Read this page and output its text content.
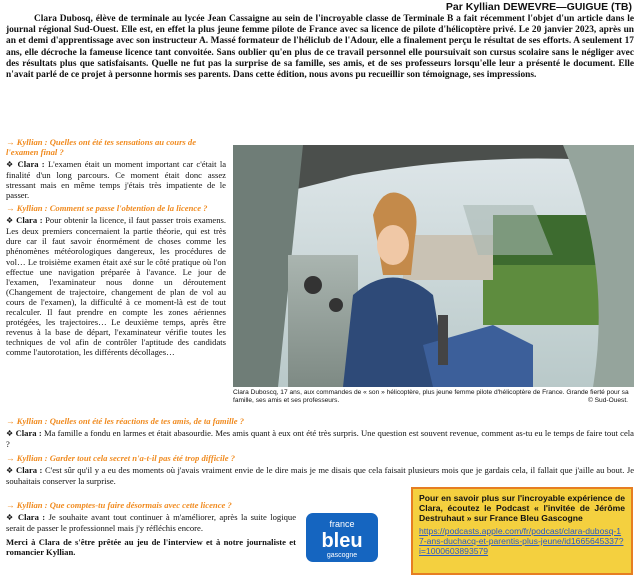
Par Kyllian DEWEVRE—GUIGUE (TB)

Clara Dubosq, élève de terminale au lycée Jean Cassaigne au sein de l'incroyable classe de Terminale B a fait récemment l'objet d'un article dans le journal régional Sud-Ouest. Elle est, en effet la plus jeune femme pilote de France avec sa licence de pilote d'hélicoptère privé. Le 20 janvier 2023, après un an et demi d'apprentissage avec son instructeur A. Massé formateur de l'héliclub de l'Adour, elle a finalement perçu le résultat de ses efforts. A seulement 17 ans, elle décroche la fameuse licence tant convoitée. Sans oublier qu'en plus de ce travail personnel elle poursuivait son cursus scolaire sans le négliger avec des résultats plus que satisfaisants. Quelle ne fut pas la surprise de sa famille, ses amis, et de ses professeurs lorsqu'elle leur a présenté le document. Elle n'avait parlé de ce projet à personne hormis ses parents. Dans cette édition, nous avons pu recueillir son témoignage, ses impressions.

→ Kyllian : Quelles ont été tes sensations au cours de l'examen final ?

❖ Clara : L'examen était un moment important car c'était la finalité d'un long parcours. Ce moment était donc assez stressant mais en même temps j'étais très impatiente de le passer.

→ Kyllian : Comment se passe l'obtention de la licence ?

❖ Clara : Pour obtenir la licence, il faut passer trois examens. Les deux premiers concernaient la partie théorie, qui est très dure car il faut savoir énormément de choses comme les phénomènes météorologiques dangereux, les procédures de vol… Le troisième examen était axé sur le côté pratique où l'on effectue une navigation préparée à l'avance. Le jour de l'examen, l'examinateur nous donne un déroutement (Changement de trajectoire, changement de plan de vol au cours de l'examen), la difficulté à ce moment-là est de tout recalculer. Il faut prendre en compte les zones aériennes protégées, les trajectoires… Le deuxième temps, après être revenus à la base de départ, l'examinateur vérifie toutes les techniques de vol afin de contrôler l'aptitude des candidats comme l'autorotation, les différents décollages…

Clara Duboscq, 17 ans, aux commandes de « son » hélicoptère, plus jeune femme pilote d'hélicoptère de France. Grande fierté pour sa famille, ses amis et ses professeurs.	© Sud-Ouest.

→ Kyllian : Quelles ont été les réactions de tes amis, de ta famille ?

❖ Clara : Ma famille a fondu en larmes et était abasourdie. Mes amis quant à eux ont été très surpris. Une question est souvent revenue, comment as-tu eu le temps de faire tout cela ?

→ Kyllian : Garder tout cela secret n'a-t-il pas été trop difficile ?

❖ Clara : C'est sûr qu'il y a eu des moments où j'avais vraiment envie de le dire mais je me disais que cela faisait plusieurs mois que je gardais cela, il fallait que j'aille au bout. Je souhaitais conserver la surprise.

→ Kyllian : Que comptes-tu faire désormais avec cette licence ?

❖ Clara : Je souhaite avant tout continuer à m'améliorer, après la suite logique serait de passer le professionnel mais j'y réfléchis encore.

Merci à Clara de s'être prêtée au jeu de l'interview et à notre journaliste et romancier Kyllian.

france
bleu
gascogne

Pour en savoir plus sur l'incroyable expérience de Clara, écoutez le Podcast « l'invitée de Jérôme Destruhaut » sur France Bleu Gascogne

https://podcasts.apple.com/fr/podcast/clara-dubosq-17-ans-duchacq-et-parentis-plus-jeune/id1665645337?i=1000603893579
